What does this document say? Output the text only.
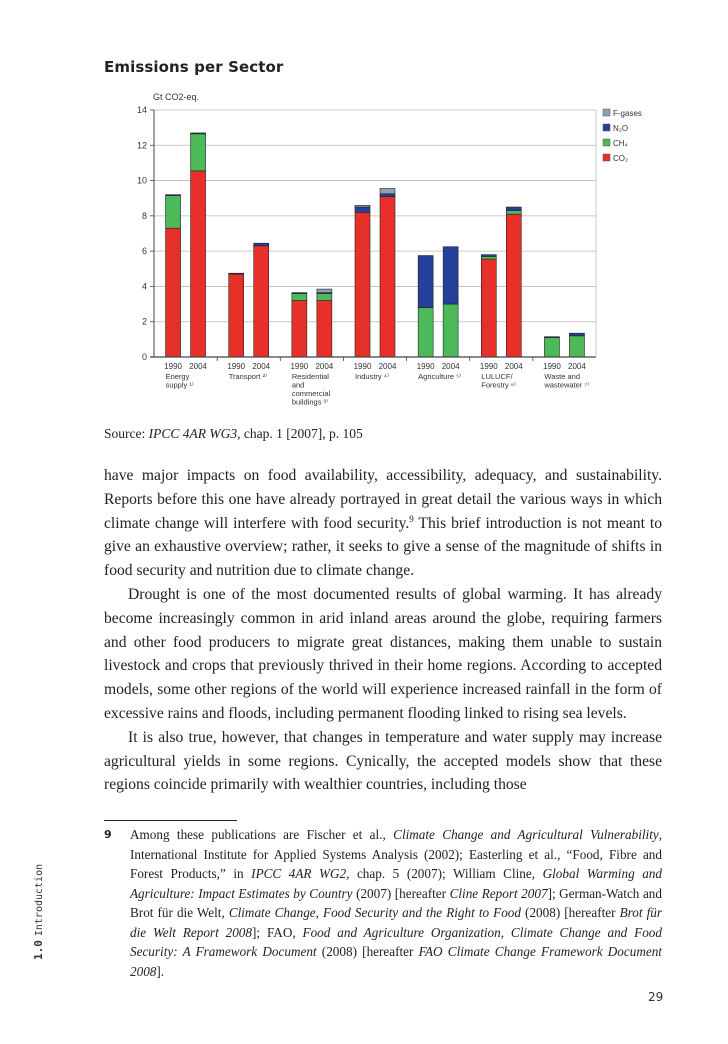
Emissions per Sector
Gt CO2-eq.
0
2
4
6
8
10
12
14
1990 2004
Energy
supply ¹⁾
1990 2004
Transport ²⁾
1990 2004
Residential
and
commercial
buildings ³⁾
1990 2004
Industry ⁴⁾
1990 2004
Agriculture ⁵⁾
1990 2004
LULUCF/
Forestry ⁶⁾
1990 2004
Waste and
wastewater ⁷⁾
F-gases
N₂O
CH₄
CO₂
Source: IPCC 4AR WG3, chap. 1 [2007], p. 105

have major impacts on food availability, accessibility, adequacy, and sustainability. Reports before this one have already portrayed in great detail the various ways in which climate change will interfere with food security.$^9$ This brief introduction is not meant to give an exhaustive overview; rather, it seeks to give a sense of the magnitude of shifts in food security and nutrition due to climate change.

Drought is one of the most documented results of global warming. It has already become increasingly common in arid inland areas around the globe, requiring farmers and other food producers to migrate great distances, making them unable to sustain livestock and crops that previously thrived in their home regions. According to accepted models, some other regions of the world will experience increased rainfall in the form of excessive rains and floods, including permanent flooding linked to rising sea levels.

It is also true, however, that changes in temperature and water supply may increase agricultural yields in some regions. Cynically, the accepted models show that these regions coincide primarily with wealthier countries, including those

9 Among these publications are Fischer et al., Climate Change and Agricultural Vulnerability, International Institute for Applied Systems Analysis (2002); Easterling et al., “Food, Fibre and Forest Products,” in IPCC 4AR WG2, chap. 5 (2007); William Cline, Global Warming and Agriculture: Impact Estimates by Country (2007) [hereafter Cline Report 2007]; German-Watch and Brot für die Welt, Climate Change, Food Security and the Right to Food (2008) [hereafter Brot für die Welt Report 2008]; FAO, Food and Agriculture Organization, Climate Change and Food Security: A Framework Document (2008) [hereafter FAO Climate Change Framework Document 2008].
1.0Introduction
29
